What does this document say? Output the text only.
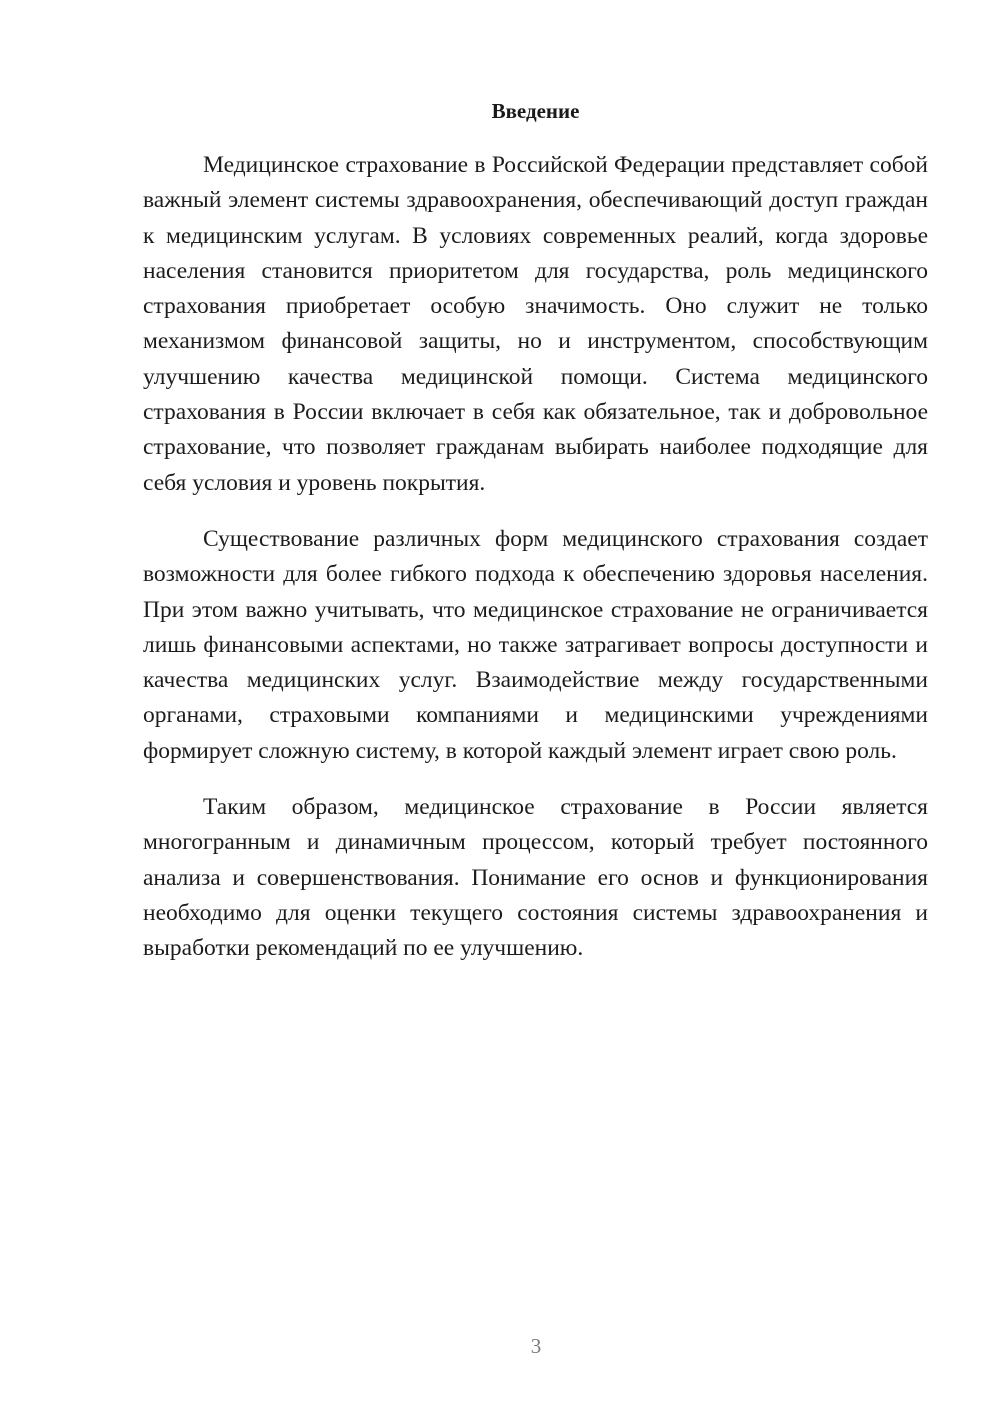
Введение

Медицинское страхование в Российской Федерации представляет собой важный элемент системы здравоохранения, обеспечивающий доступ граждан к медицинским услугам. В условиях современных реалий, когда здоровье населения становится приоритетом для государства, роль медицинского страхования приобретает особую значимость. Оно служит не только механизмом финансовой защиты, но и инструментом, способствующим улучшению качества медицинской помощи. Система медицинского страхования в России включает в себя как обязательное, так и добровольное страхование, что позволяет гражданам выбирать наиболее подходящие для себя условия и уровень покрытия.

Существование различных форм медицинского страхования создает возможности для более гибкого подхода к обеспечению здоровья населения. При этом важно учитывать, что медицинское страхование не ограничивается лишь финансовыми аспектами, но также затрагивает вопросы доступности и качества медицинских услуг. Взаимодействие между государственными органами, страховыми компаниями и медицинскими учреждениями формирует сложную систему, в которой каждый элемент играет свою роль.

Таким образом, медицинское страхование в России является многогранным и динамичным процессом, который требует постоянного анализа и совершенствования. Понимание его основ и функционирования необходимо для оценки текущего состояния системы здравоохранения и выработки рекомендаций по ее улучшению.

3
